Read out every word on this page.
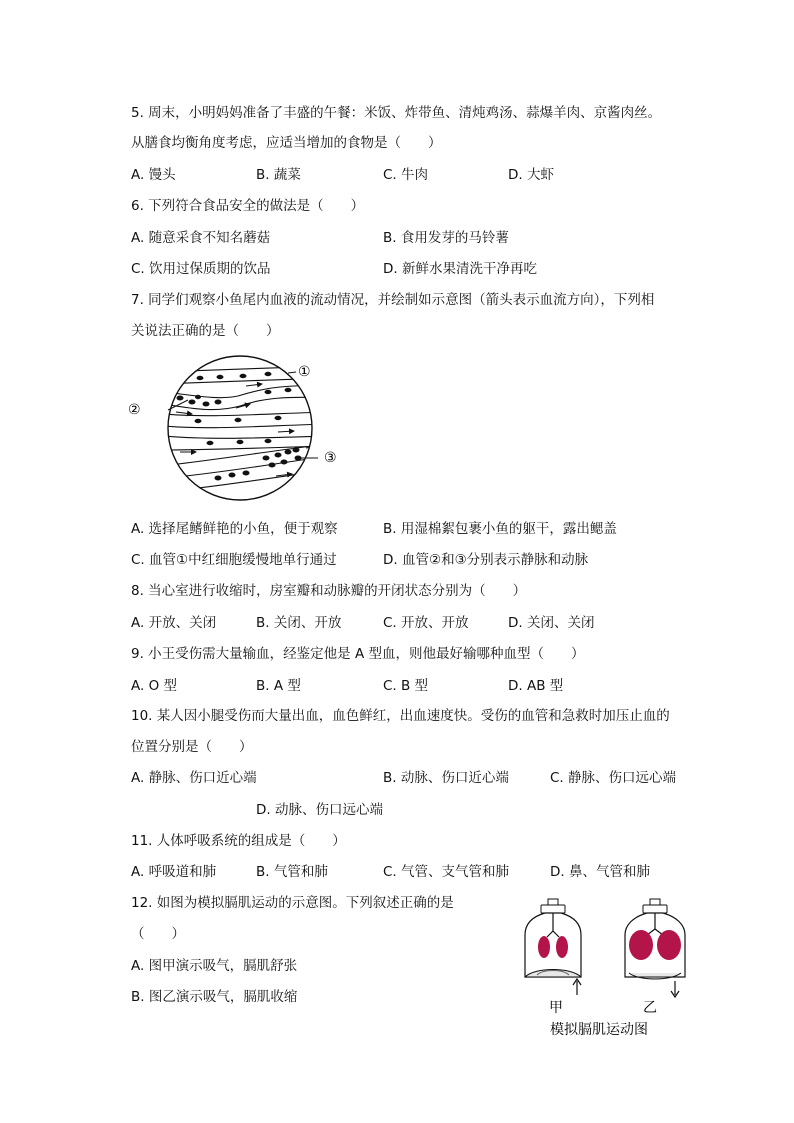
5. 周末，小明妈妈准备了丰盛的午餐：米饭、炸带鱼、清炖鸡汤、蒜爆羊肉、京酱肉丝。
从膳食均衡角度考虑，应适当增加的食物是（　　）
A. 馒头	B. 蔬菜	C. 牛肉	D. 大虾
6. 下列符合食品安全的做法是（　　）
A. 随意采食不知名蘑菇	B. 食用发芽的马铃薯
C. 饮用过保质期的饮品	D. 新鲜水果清洗干净再吃
7. 同学们观察小鱼尾内血液的流动情况，并绘制如示意图（箭头表示血流方向），下列相
关说法正确的是（　　）
①
②
③
A. 选择尾鳍鲜艳的小鱼，便于观察	B. 用湿棉絮包裹小鱼的躯干，露出鳃盖
C. 血管①中红细胞缓慢地单行通过	D. 血管②和③分别表示静脉和动脉
8. 当心室进行收缩时，房室瓣和动脉瓣的开闭状态分别为（　　）
A. 开放、关闭	B. 关闭、开放	C. 开放、开放	D. 关闭、关闭
9. 小王受伤需大量输血，经鉴定他是 A 型血，则他最好输哪种血型（　　）
A. O 型	B. A 型	C. B 型	D. AB 型
10. 某人因小腿受伤而大量出血，血色鲜红，出血速度快。受伤的血管和急救时加压止血的
位置分别是（　　）
A. 静脉、伤口近心端	B. 动脉、伤口近心端	C. 静脉、伤口远心端
D. 动脉、伤口远心端
11. 人体呼吸系统的组成是（　　）
A. 呼吸道和肺	B. 气管和肺	C. 气管、支气管和肺	D. 鼻、气管和肺
12. 如图为模拟膈肌运动的示意图。下列叙述正确的是
（　　）
A. 图甲演示吸气，膈肌舒张
B. 图乙演示吸气，膈肌收缩
甲	乙
模拟膈肌运动图
